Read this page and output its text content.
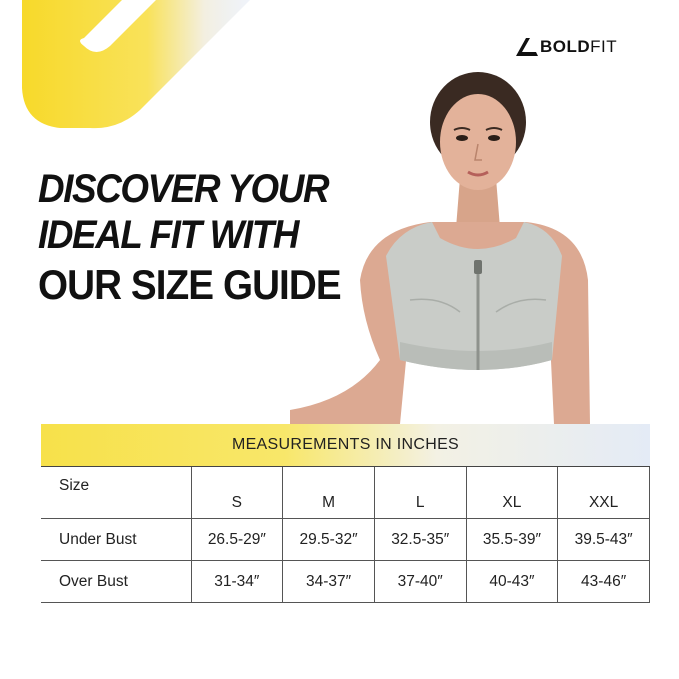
BOLDFIT
DISCOVER YOUR
IDEAL FIT WITH
OUR SIZE GUIDE
MEASUREMENTS IN INCHES
Size	S	M	L	XL	XXL
Under Bust	26.5-29″	29.5-32″	32.5-35″	35.5-39″	39.5-43″
Over Bust	31-34″	34-37″	37-40″	40-43″	43-46″
